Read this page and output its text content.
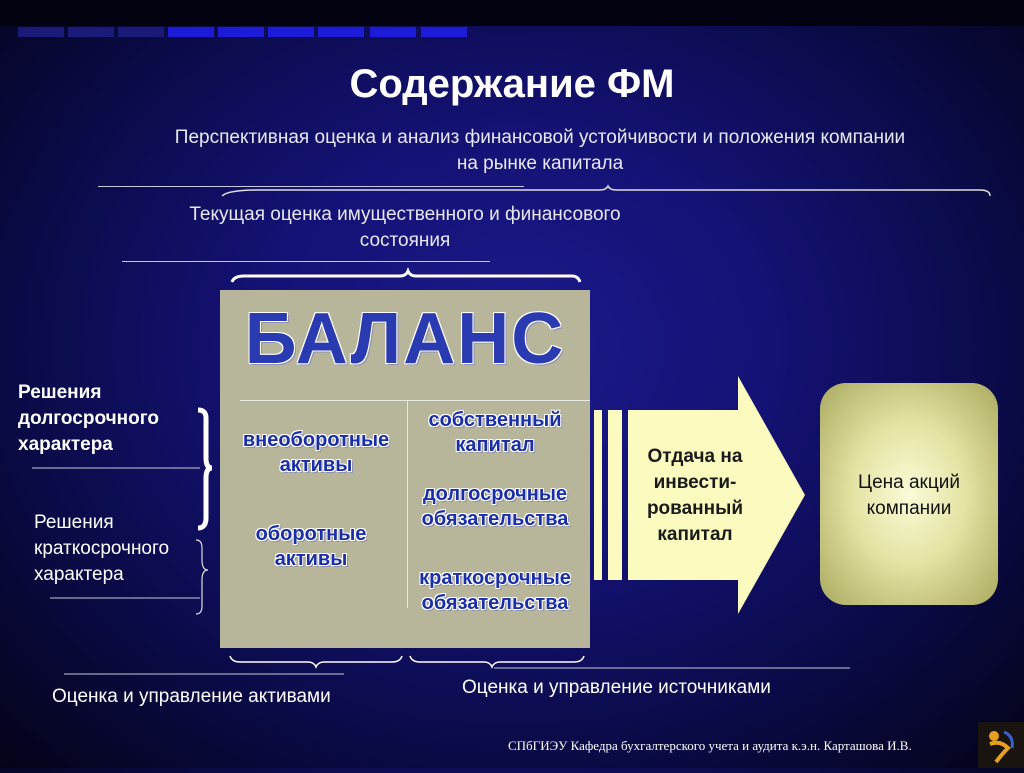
Содержание ФМ
Перспективная оценка и анализ финансовой устойчивости и положения компании
на рынке капитала
Текущая оценка имущественного и финансового
состояния
БАЛАНС
внеоборотные
активы
оборотные
активы
собственный
капитал
долгосрочные
обязательства
краткосрочные
обязательства
Отдача на
инвести-
рованный
капитал
Цена акций
компании
Решения
долгосрочного
характера
Решения
краткосрочного
характера
Оценка и управление активами	Оценка и управление источниками
СПбГИЭУ Кафедра бухгалтерского учета и аудита к.э.н. Карташова И.В.
